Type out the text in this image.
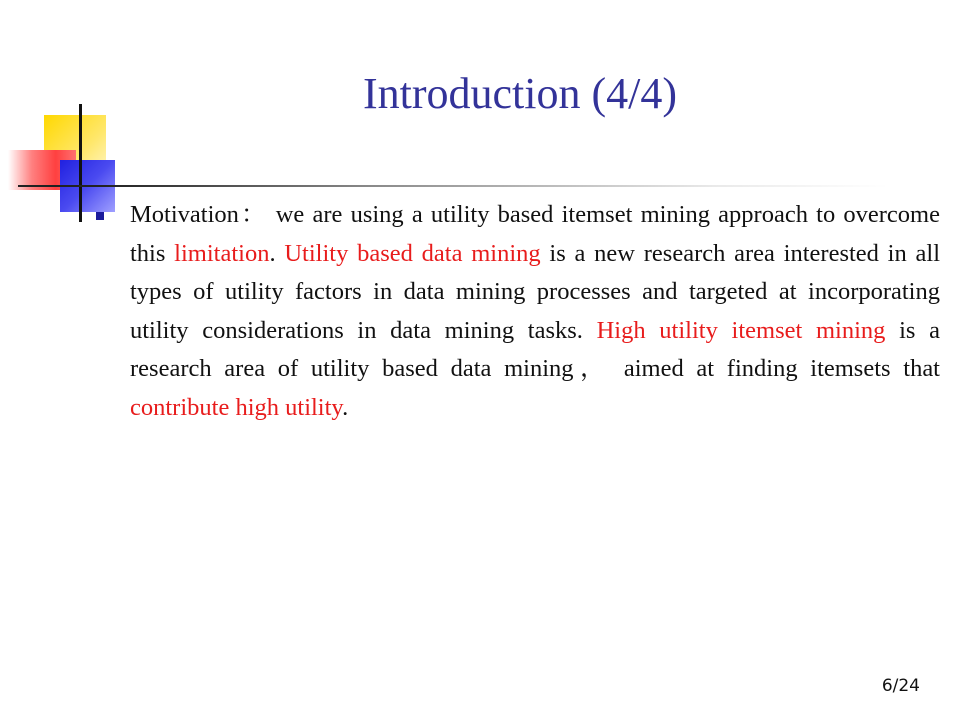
Introduction (4/4)

Motivation： we are using a utility based itemset mining approach to overcome this limitation. Utility based data mining is a new research area interested in all types of utility factors in data mining processes and targeted at incorporating utility considerations in data mining tasks. High utility itemset mining is a research area of utility based data mining， aimed at finding itemsets that contribute high utility.

6/24
